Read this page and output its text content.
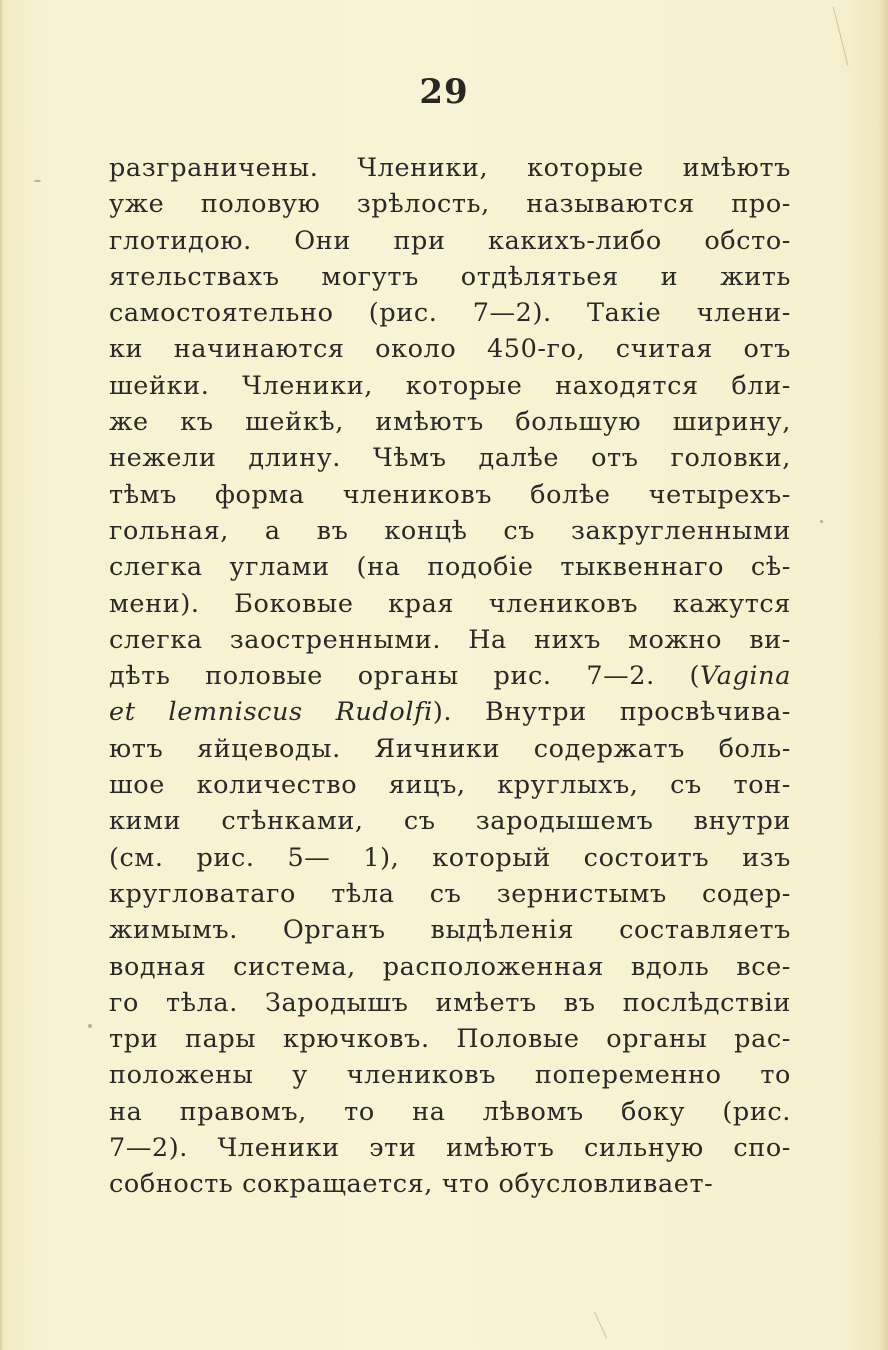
29
разграничены. Членики, которые имѣютъ
уже половую зрѣлость, называются про-
глотидою. Они при какихъ-либо обсто-
ятельствахъ могутъ отдѣлятьея и жить
самостоятельно (рис. 7—2). Такіе члени-
ки начинаются около 450-го, считая отъ
шейки. Членики, которые находятся бли-
же къ шейкѣ, имѣютъ большую ширину,
нежели длину. Чѣмъ далѣе отъ головки,
тѣмъ форма члениковъ болѣе четырехъ-
гольная, а въ концѣ съ закругленными
слегка углами (на подобіе тыквеннаго сѣ-
мени). Боковые края члениковъ кажутся
слегка заостренными. На нихъ можно ви-
дѣть половые органы рис. 7—2. (Vagina
et lemniscus Rudolfi). Внутри просвѣчива-
ютъ яйцеводы. Яичники содержатъ боль-
шое количество яицъ, круглыхъ, съ тон-
кими стѣнками, съ зародышемъ внутри
(см. рис. 5— 1), который состоитъ изъ
кругловатаго тѣла съ зернистымъ содер-
жимымъ. Органъ выдѣленія составляетъ
водная система, расположенная вдоль все-
го тѣла. Зародышъ имѣетъ въ послѣдствіи
три пары крючковъ. Половые органы рас-
положены у члениковъ попеременно то
на правомъ, то на лѣвомъ боку (рис.
7—2). Членики эти имѣютъ сильную спо-
собность сокращается, что обусловливает-
